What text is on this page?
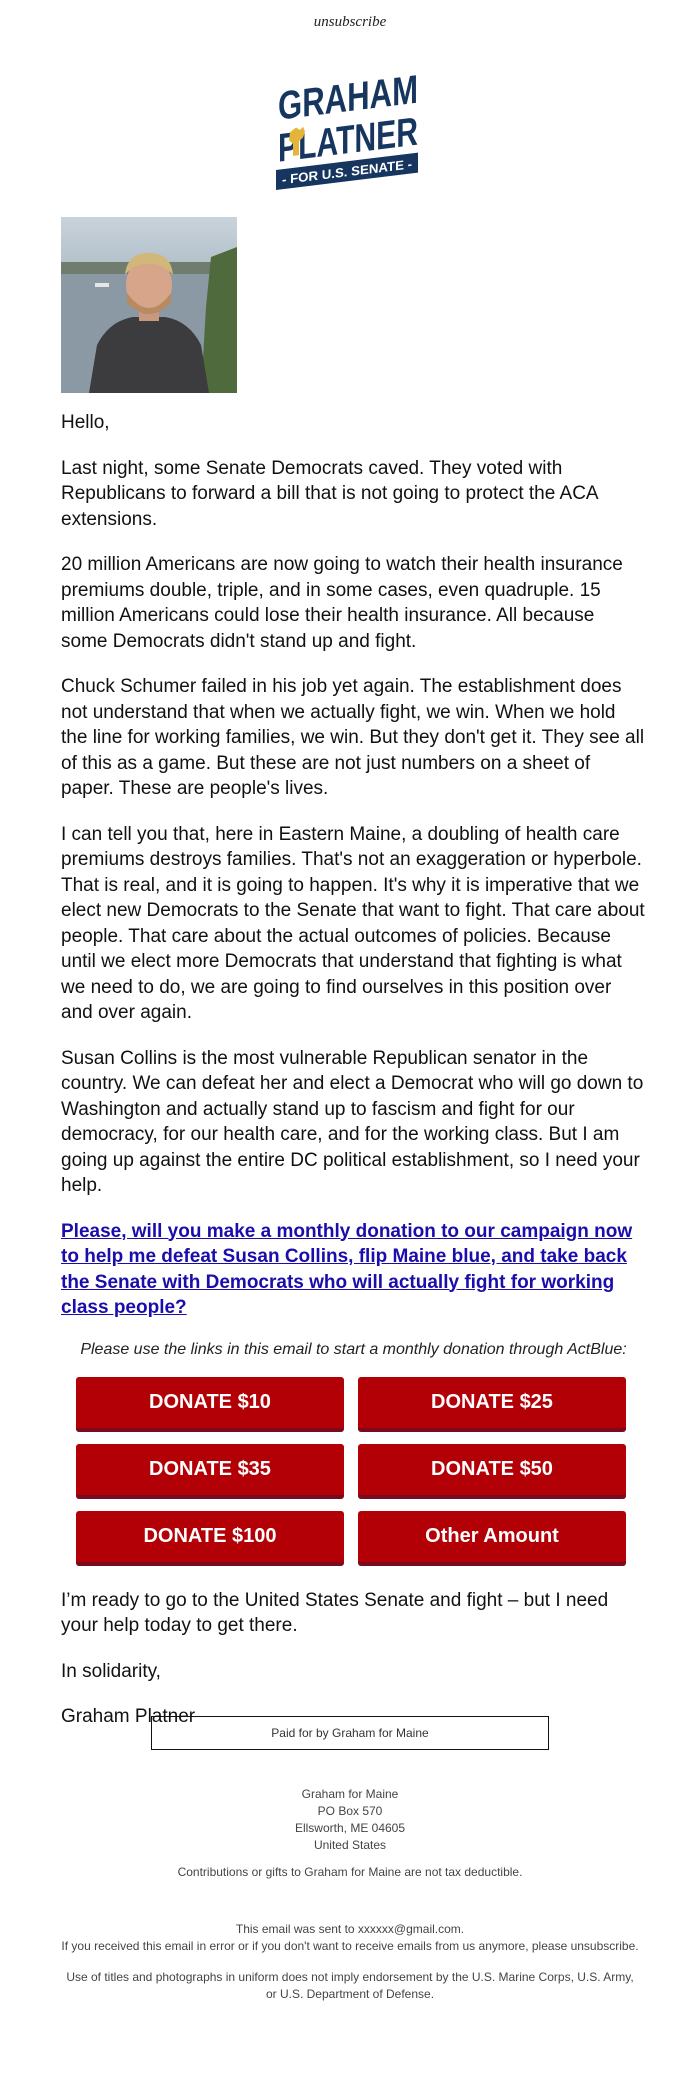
unsubscribe
GRAHAM
PLATNER
- FOR U.S. SENATE -

Hello,

Last night, some Senate Democrats caved. They voted with Republicans to forward a bill that is not going to protect the ACA extensions.

20 million Americans are now going to watch their health insurance premiums double, triple, and in some cases, even quadruple. 15 million Americans could lose their health insurance. All because some Democrats didn't stand up and fight.

Chuck Schumer failed in his job yet again. The establishment does not understand that when we actually fight, we win. When we hold the line for working families, we win. But they don't get it. They see all of this as a game. But these are not just numbers on a sheet of paper. These are people's lives.

I can tell you that, here in Eastern Maine, a doubling of health care premiums destroys families. That's not an exaggeration or hyperbole. That is real, and it is going to happen. It's why it is imperative that we elect new Democrats to the Senate that want to fight. That care about people. That care about the actual outcomes of policies. Because until we elect more Democrats that understand that fighting is what we need to do, we are going to find ourselves in this position over and over again.

Susan Collins is the most vulnerable Republican senator in the country. We can defeat her and elect a Democrat who will go down to Washington and actually stand up to fascism and fight for our democracy, for our health care, and for the working class. But I am going up against the entire DC political establishment, so I need your help.

Please, will you make a monthly donation to our campaign now to help me defeat Susan Collins, flip Maine blue, and take back the Senate with Democrats who will actually fight for working class people?
Please use the links in this email to start a monthly donation through ActBlue:
DONATE $10	DONATE $25
DONATE $35	DONATE $50
DONATE $100	Other Amount

I’m ready to go to the United States Senate and fight – but I need your help today to get there.

In solidarity,

Graham Platner

Paid for by Graham for Maine
Graham for Maine
PO Box 570
Ellsworth, ME 04605
United States
Contributions or gifts to Graham for Maine are not tax deductible.
This email was sent to xxxxxx@gmail.com.
If you received this email in error or if you don't want to receive emails from us anymore, please unsubscribe.
Use of titles and photographs in uniform does not imply endorsement by the U.S. Marine Corps, U.S. Army, or U.S. Department of Defense.
